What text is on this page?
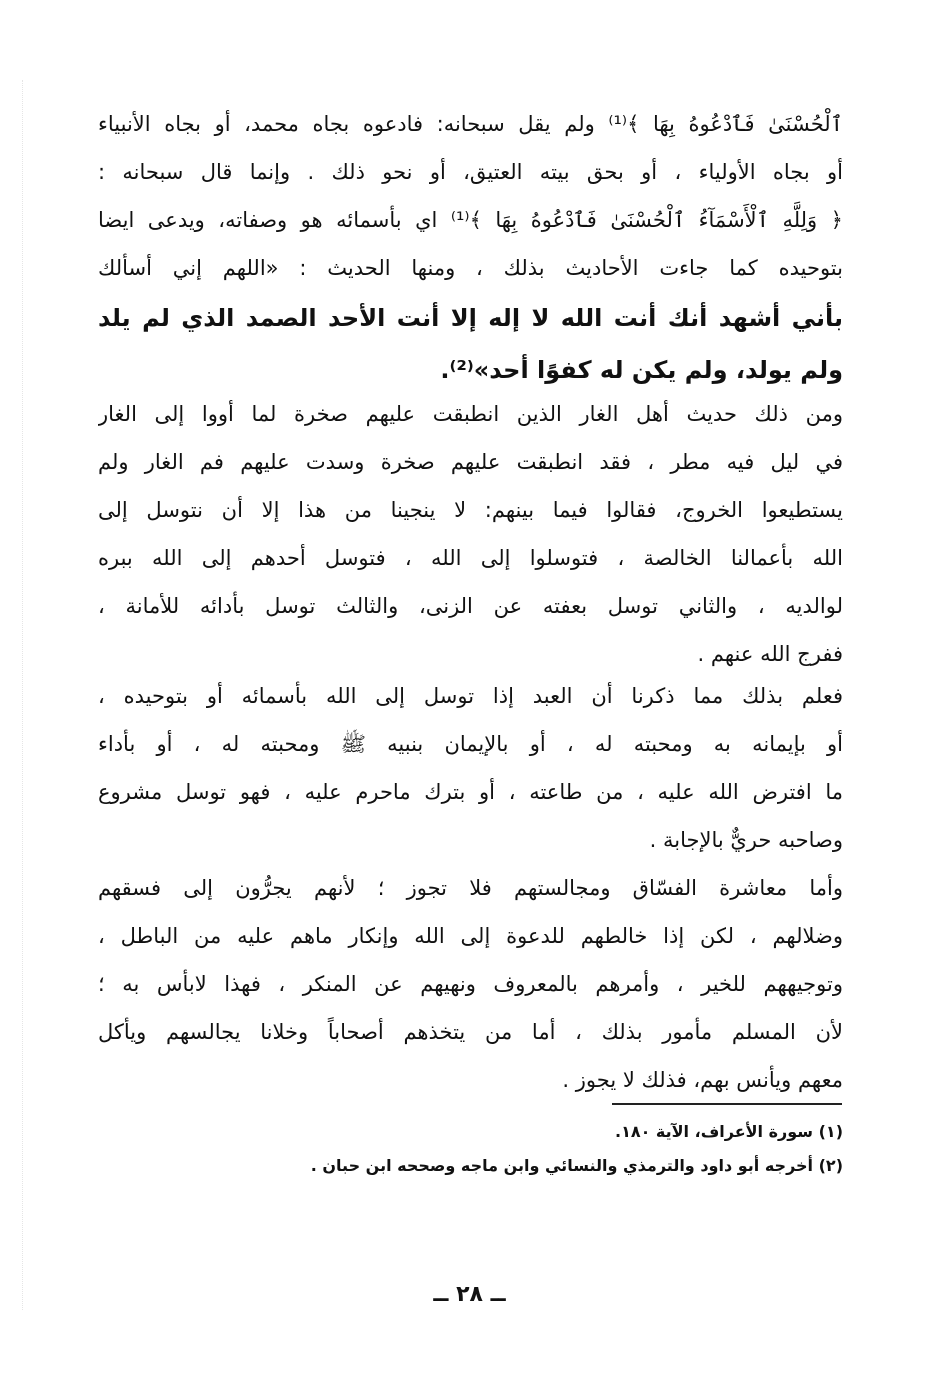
ٱلْحُسْنَىٰ فَٱدْعُوهُ بِهَا ﴾⁽¹⁾ ولم يقل سبحانه: فادعوه بجاه محمد، أو بجاه الأنبياء
أو بجاه الأولياء ، أو بحق بيته العتيق، أو نحو ذلك . وإنما قال سبحانه :
﴿ وَلِلَّهِ ٱلْأَسْمَآءُ ٱلْحُسْنَىٰ فَٱدْعُوهُ بِهَا ﴾⁽¹⁾ اي بأسمائه هو وصفاته، ويدعى ايضا
بتوحيده كما جاءت الأحاديث بذلك ، ومنها الحديث : «اللهم إني أسألك
بأني أشهد أنك أنت الله لا إله إلا أنت الأحد الصمد الذي لم يلد
ولم يولد، ولم يكن له كفوًا أحد»⁽²⁾.
ومن ذلك حديث أهل الغار الذين انطبقت عليهم صخرة لما أووا إلى الغار
في ليل فيه مطر ، فقد انطبقت عليهم صخرة وسدت عليهم فم الغار ولم
يستطيعوا الخروج، فقالوا فيما بينهم: لا ينجينا من هذا إلا أن نتوسل إلى
الله بأعمالنا الخالصة ، فتوسلوا إلى الله ، فتوسل أحدهم إلى الله ببره
لوالديه ، والثاني توسل بعفته عن الزنى، والثالث توسل بأدائه للأمانة ،
ففرج الله عنهم .
فعلم بذلك مما ذكرنا أن العبد إذا توسل إلى الله بأسمائه أو بتوحيده ،
أو بإيمانه به ومحبته له ، أو بالإيمان بنبيه ﷺ ومحبته له ، أو بأداء
ما افترض الله عليه ، من طاعته ، أو بترك ماحرم عليه ، فهو توسل مشروع
وصاحبه حريٌّ بالإجابة .
وأما معاشرة الفسّاق ومجالستهم فلا تجوز ؛ لأنهم يجرُّون إلى فسقهم
وضلالهم ، لكن إذا خالطهم للدعوة إلى الله وإنكار ماهم عليه من الباطل ،
وتوجيههم للخير ، وأمرهم بالمعروف ونهيهم عن المنكر ، فهذا لابأس به ؛
لأن المسلم مأمور بذلك ، أما من يتخذهم أصحاباً وخلانا يجالسهم ويأكل
معهم ويأنس بهم، فذلك لا يجوز .
(١) سورة الأعراف، الآية ١٨٠.
(٢) أخرجه أبو داود والترمذي والنسائي وابن ماجه وصححه ابن حبان .
ــ ٢٨ ــ
